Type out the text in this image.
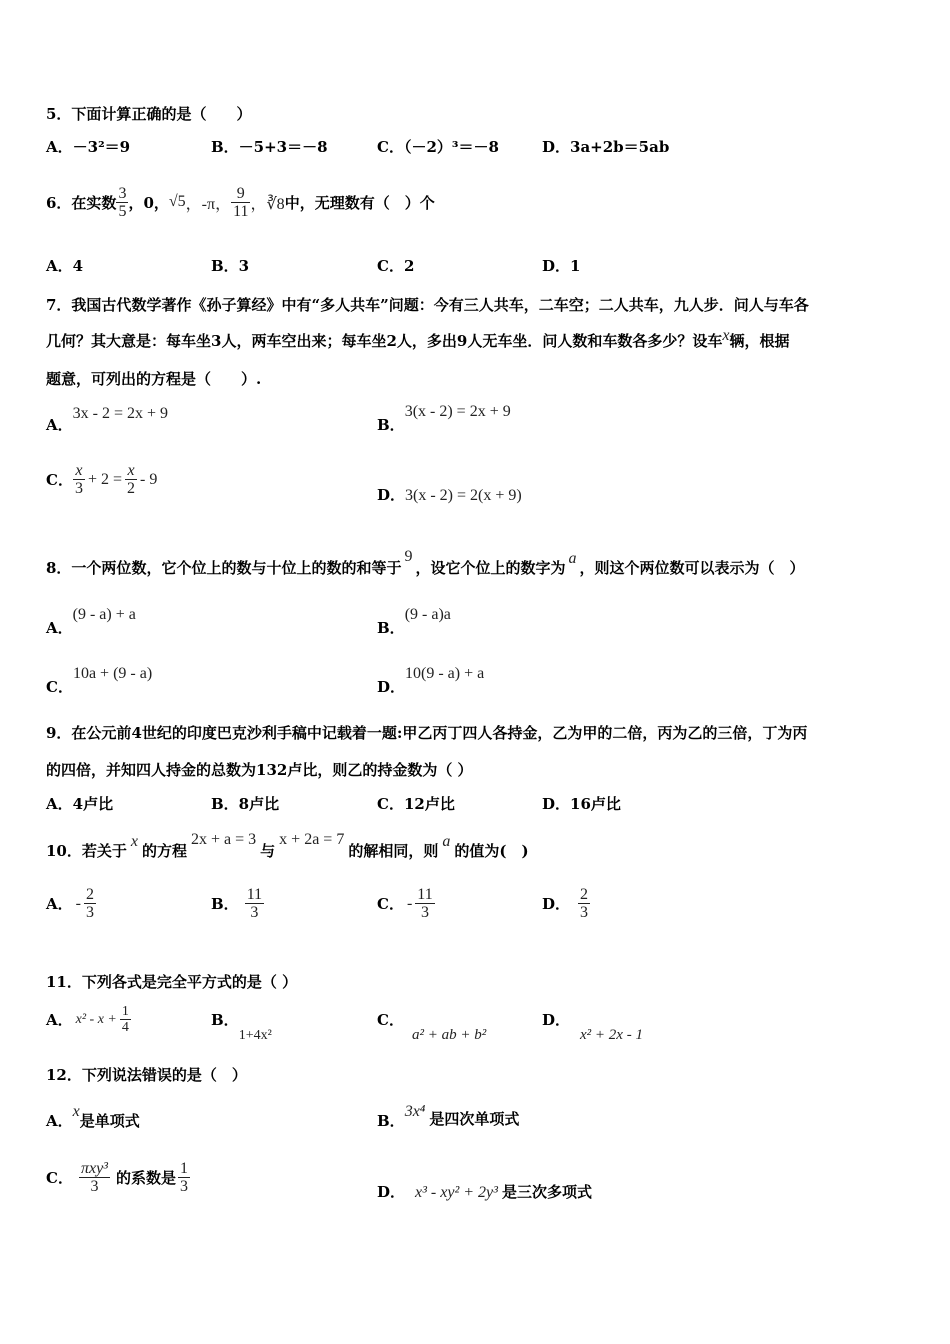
5．下面计算正确的是（　　）
A．－3²＝9	B．－5+3＝－8	C．（－2）³＝－8	D．3a+2b＝5ab
6．在实数 $\frac{3}{5}$ ，0， √5 ，-π， $\frac{9}{11}$ ，∛8 中，无理数有（　）个
A．4	B．3	C．2	D．1
7．我国古代数学著作《孙子算经》中有“多人共车”问题：今有三人共车，二车空；二人共车，九人步．问人与车各
几何？其大意是：每车坐3人，两车空出来；每车坐2人，多出9人无车坐．问人数和车数各多少？设车x辆，根据
题意，可列出的方程是（　　）.
A．3x - 2 = 2x + 9
B．3(x - 2) = 2x + 9
C． $\frac{x}{3} + 2 = \frac{x}{2} - 9$
D．3(x - 2) = 2(x + 9)
8．一个两位数，它个位上的数与十位上的数的和等于9，设它个位上的数字为a，则这个两位数可以表示为（　）
A．(9 - a) + a
B．(9 - a)a
C．10a + (9 - a)
D．10(9 - a) + a
9．在公元前4世纪的印度巴克沙利手稿中记载着一题:甲乙丙丁四人各持金，乙为甲的二倍，丙为乙的三倍，丁为丙
的四倍，并知四人持金的总数为132卢比，则乙的持金数为（ ）
A．4卢比	B．8卢比	C．12卢比	D．16卢比
10．若关于x的方程2x + a = 3与x + 2a = 7的解相同，则a的值为(　)
A． - $\frac{2}{3}$	B． $\frac{11}{3}$	C． - $\frac{11}{3}$	D． $\frac{2}{3}$
11．下列各式是完全平方式的是（ ）
A． $x^2 - x + \frac{1}{4}$	B．1+4x²
C．a² + ab + b²
D．x² + 2x - 1
12．下列说法错误的是（　）
A．x是单项式	B．3x⁴ 是四次单项式
C． $\frac{\text{πxy³}}{3}$ 的系数是 $\frac{1}{3}$	D． x³ - xy² + 2y³ 是三次多项式
